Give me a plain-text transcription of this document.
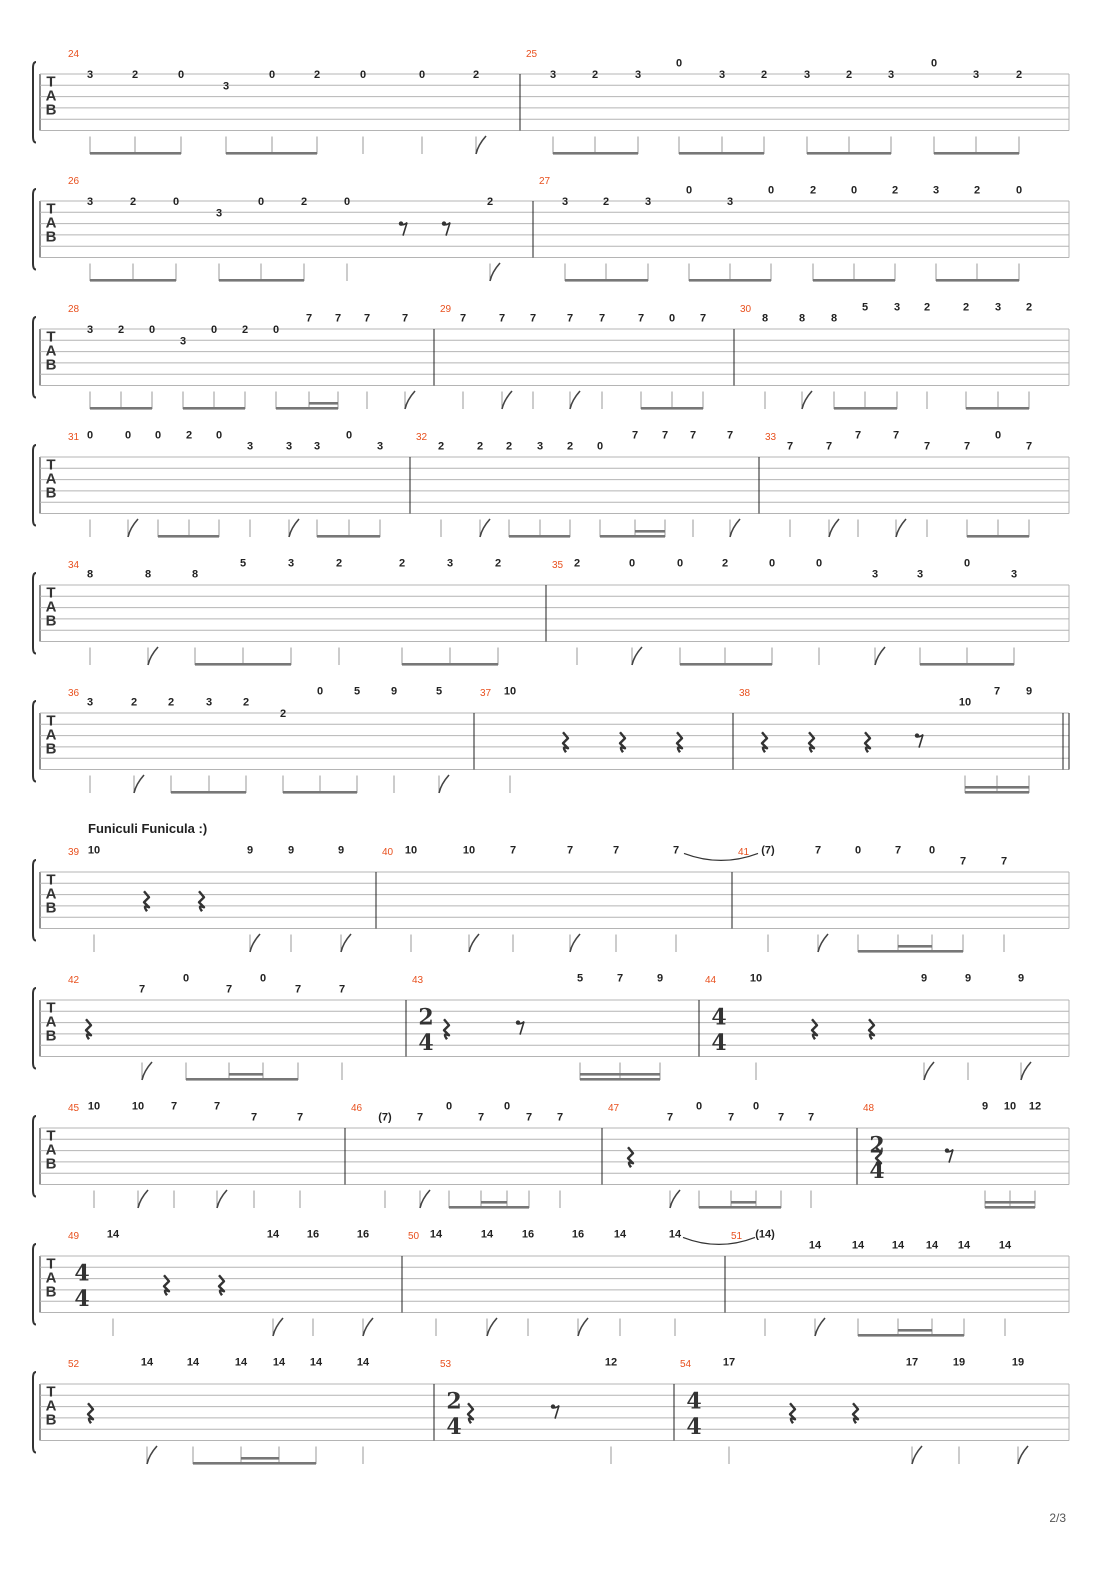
Funiculi Funicula :)
T
A
B
24
3	2	0
3
0	2	0	0	2
25
3	2	3
0
3	2	3	2	3
0
3	2
T
A
B
26
3	2	0
3
0	2	0	2
27
3	2	3
0
3
0	2	0	2	3	2	0
T
A
B
28
3 2 0
3
0 2 0
7 7 7	7
29
7	7 7	7 7	7 0 7
30
8	8 8
5 3 2	2 3 2
T
A
B
31 0	0 0 2 0
3	3 3
0
3
32
2	2 2 3 2 0
7 7 7	7	33
7	7
7	7
7	7
0
7
T
A
B
34
8	8	8
5	3	2	2	3	2	35 2	0	0	2	0	0
3	3
0
3
T
A
B
36
3	2	2	3	2
2
0	5	9	5	37 10	38
10
7 9
T
A
B
39 10	9	9	9	40 10	10	7	7	7	7	41 (7)	7	0	7	0
7	7
T
A
B
42
7
0
7
0
7	7
43
2
4
5	7	9	44
4
4
10	9	9	9
T
A
B
45 10	10 7	7
7	7
46
(7) 7
0
7
0
7 7
47
7
0
7
0
7 7
48
2
4
9 10 12
T
A
B
49
4
4
14	14	16	16	50 14	14	16	16	14	14	51 (14)
14	14	14 14 14	14
T
A
B
52	14	14	14 14 14	14	53
2
4
12	54
4
4
17	17	19	19
2/3
